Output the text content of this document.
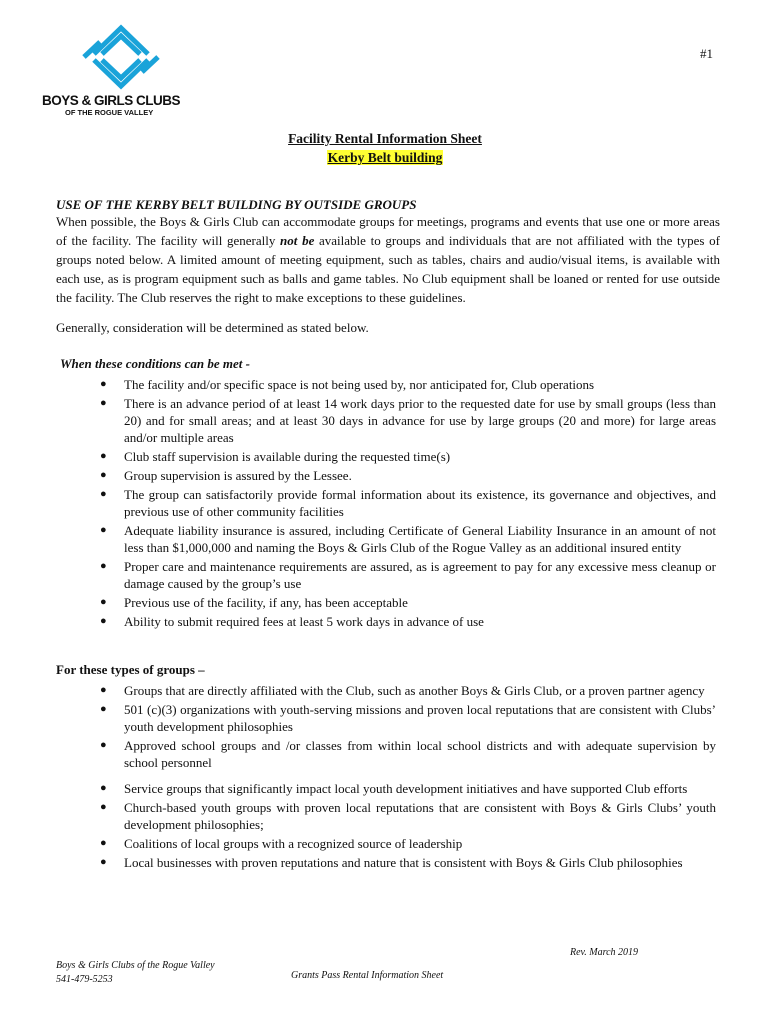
BOYS & GIRLS CLUBS
OF THE ROGUE VALLEY
#1
Facility Rental Information Sheet
Kerby Belt building
USE OF THE KERBY BELT BUILDING BY OUTSIDE GROUPS

When possible, the Boys & Girls Club can accommodate groups for meetings, programs and events that use one or more areas of the facility. The facility will generally not be available to groups and individuals that are not affiliated with the types of groups noted below. A limited amount of meeting equipment, such as tables, chairs and audio/visual items, is available with each use, as is program equipment such as balls and game tables. No Club equipment shall be loaned or rented for use outside the facility. The Club reserves the right to make exceptions to these guidelines.

Generally, consideration will be determined as stated below.
When these conditions can be met -
● The facility and/or specific space is not being used by, nor anticipated for, Club operations
● There is an advance period of at least 14 work days prior to the requested date for use by small groups (less than 20) and for small areas; and at least 30 days in advance for use by large groups (20 and more) for large areas and/or multiple areas
● Club staff supervision is available during the requested time(s)
● Group supervision is assured by the Lessee.
● The group can satisfactorily provide formal information about its existence, its governance and objectives, and previous use of other community facilities
● Adequate liability insurance is assured, including Certificate of General Liability Insurance in an amount of not less than $1,000,000 and naming the Boys & Girls Club of the Rogue Valley as an additional insured entity
● Proper care and maintenance requirements are assured, as is agreement to pay for any excessive mess cleanup or damage caused by the group’s use
● Previous use of the facility, if any, has been acceptable
● Ability to submit required fees at least 5 work days in advance of use
For these types of groups –
● Groups that are directly affiliated with the Club, such as another Boys & Girls Club, or a proven partner agency
● 501 (c)(3) organizations with youth-serving missions and proven local reputations that are consistent with Clubs’ youth development philosophies
● Approved school groups and /or classes from within local school districts and with adequate supervision by school personnel
● Service groups that significantly impact local youth development initiatives and have supported Club efforts
● Church-based youth groups with proven local reputations that are consistent with Boys & Girls Clubs’ youth development philosophies;
● Coalitions of local groups with a recognized source of leadership
● Local businesses with proven reputations and nature that is consistent with Boys & Girls Club philosophies
Rev. March 2019
Boys & Girls Clubs of the Rogue Valley
541-479-5253	Grants Pass Rental Information Sheet
